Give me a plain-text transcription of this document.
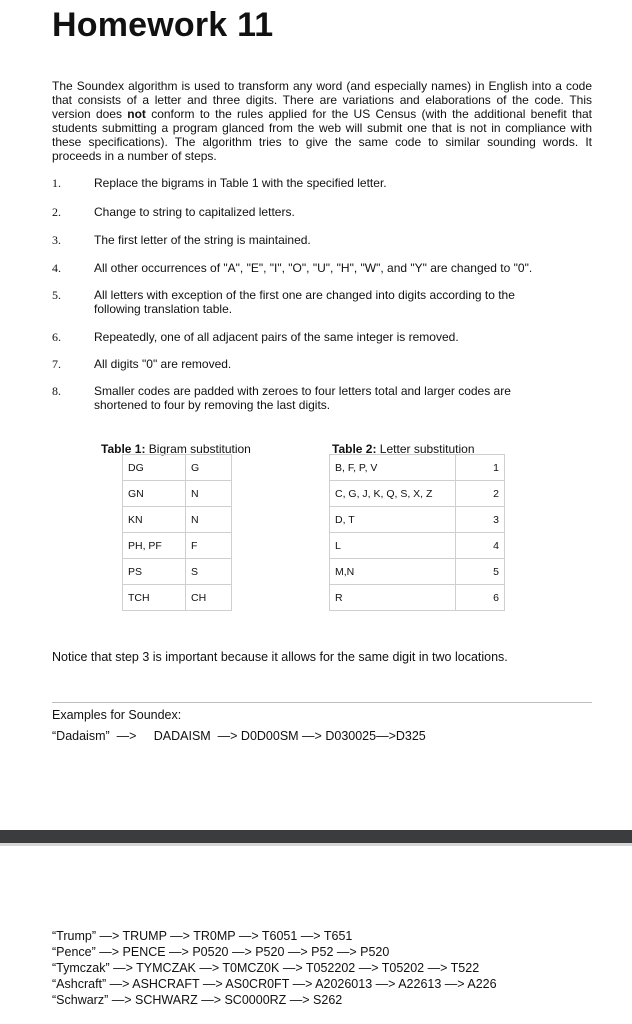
Homework 11

The Soundex algorithm is used to transform any word (and especially names) in English into a code that consists of a letter and three digits. There are variations and elaborations of the code. This version does not conform to the rules applied for the US Census (with the additional benefit that students submitting a program glanced from the web will submit one that is not in compliance with these specifications). The algorithm tries to give the same code to similar sounding words. It proceeds in a number of steps.

1.	Replace the bigrams in Table 1 with the specified letter.
2.	Change to string to capitalized letters.
3.	The first letter of the string is maintained.
4.	All other occurrences of "A", "E", "I", "O", "U", "H", "W", and "Y" are changed to "0".
5.	All letters with exception of the first one are changed into digits according to the following translation table.
6.	Repeatedly, one of all adjacent pairs of the same integer is removed.
7.	All digits "0" are removed.
8.	Smaller codes are padded with zeroes to four letters total and larger codes are shortened to four by removing the last digits.
Table 1: Bigram substitution
DG	G
GN	N
KN	N
PH, PF	F
PS	S
TCH	CH
Table 2: Letter substitution
B, F, P, V	1
C, G, J, K, Q, S, X, Z	2
D, T	3
L	4
M,N	5
R	6
Notice that step 3 is important because it allows for the same digit in two locations.
Examples for Soundex:
“Dadaism”  —>     DADAISM  —> D0D00SM —> D030025—>D325
“Trump” —> TRUMP —> TR0MP —> T6051 —> T651
“Pence” —> PENCE —> P0520 —> P520 —> P52 —> P520
“Tymczak” —> TYMCZAK —> T0MCZ0K —> T052202 —> T05202 —> T522
“Ashcraft” —> ASHCRAFT —> AS0CR0FT —> A2026013 —> A22613 —> A226
“Schwarz” —> SCHWARZ —> SC0000RZ —> S262
